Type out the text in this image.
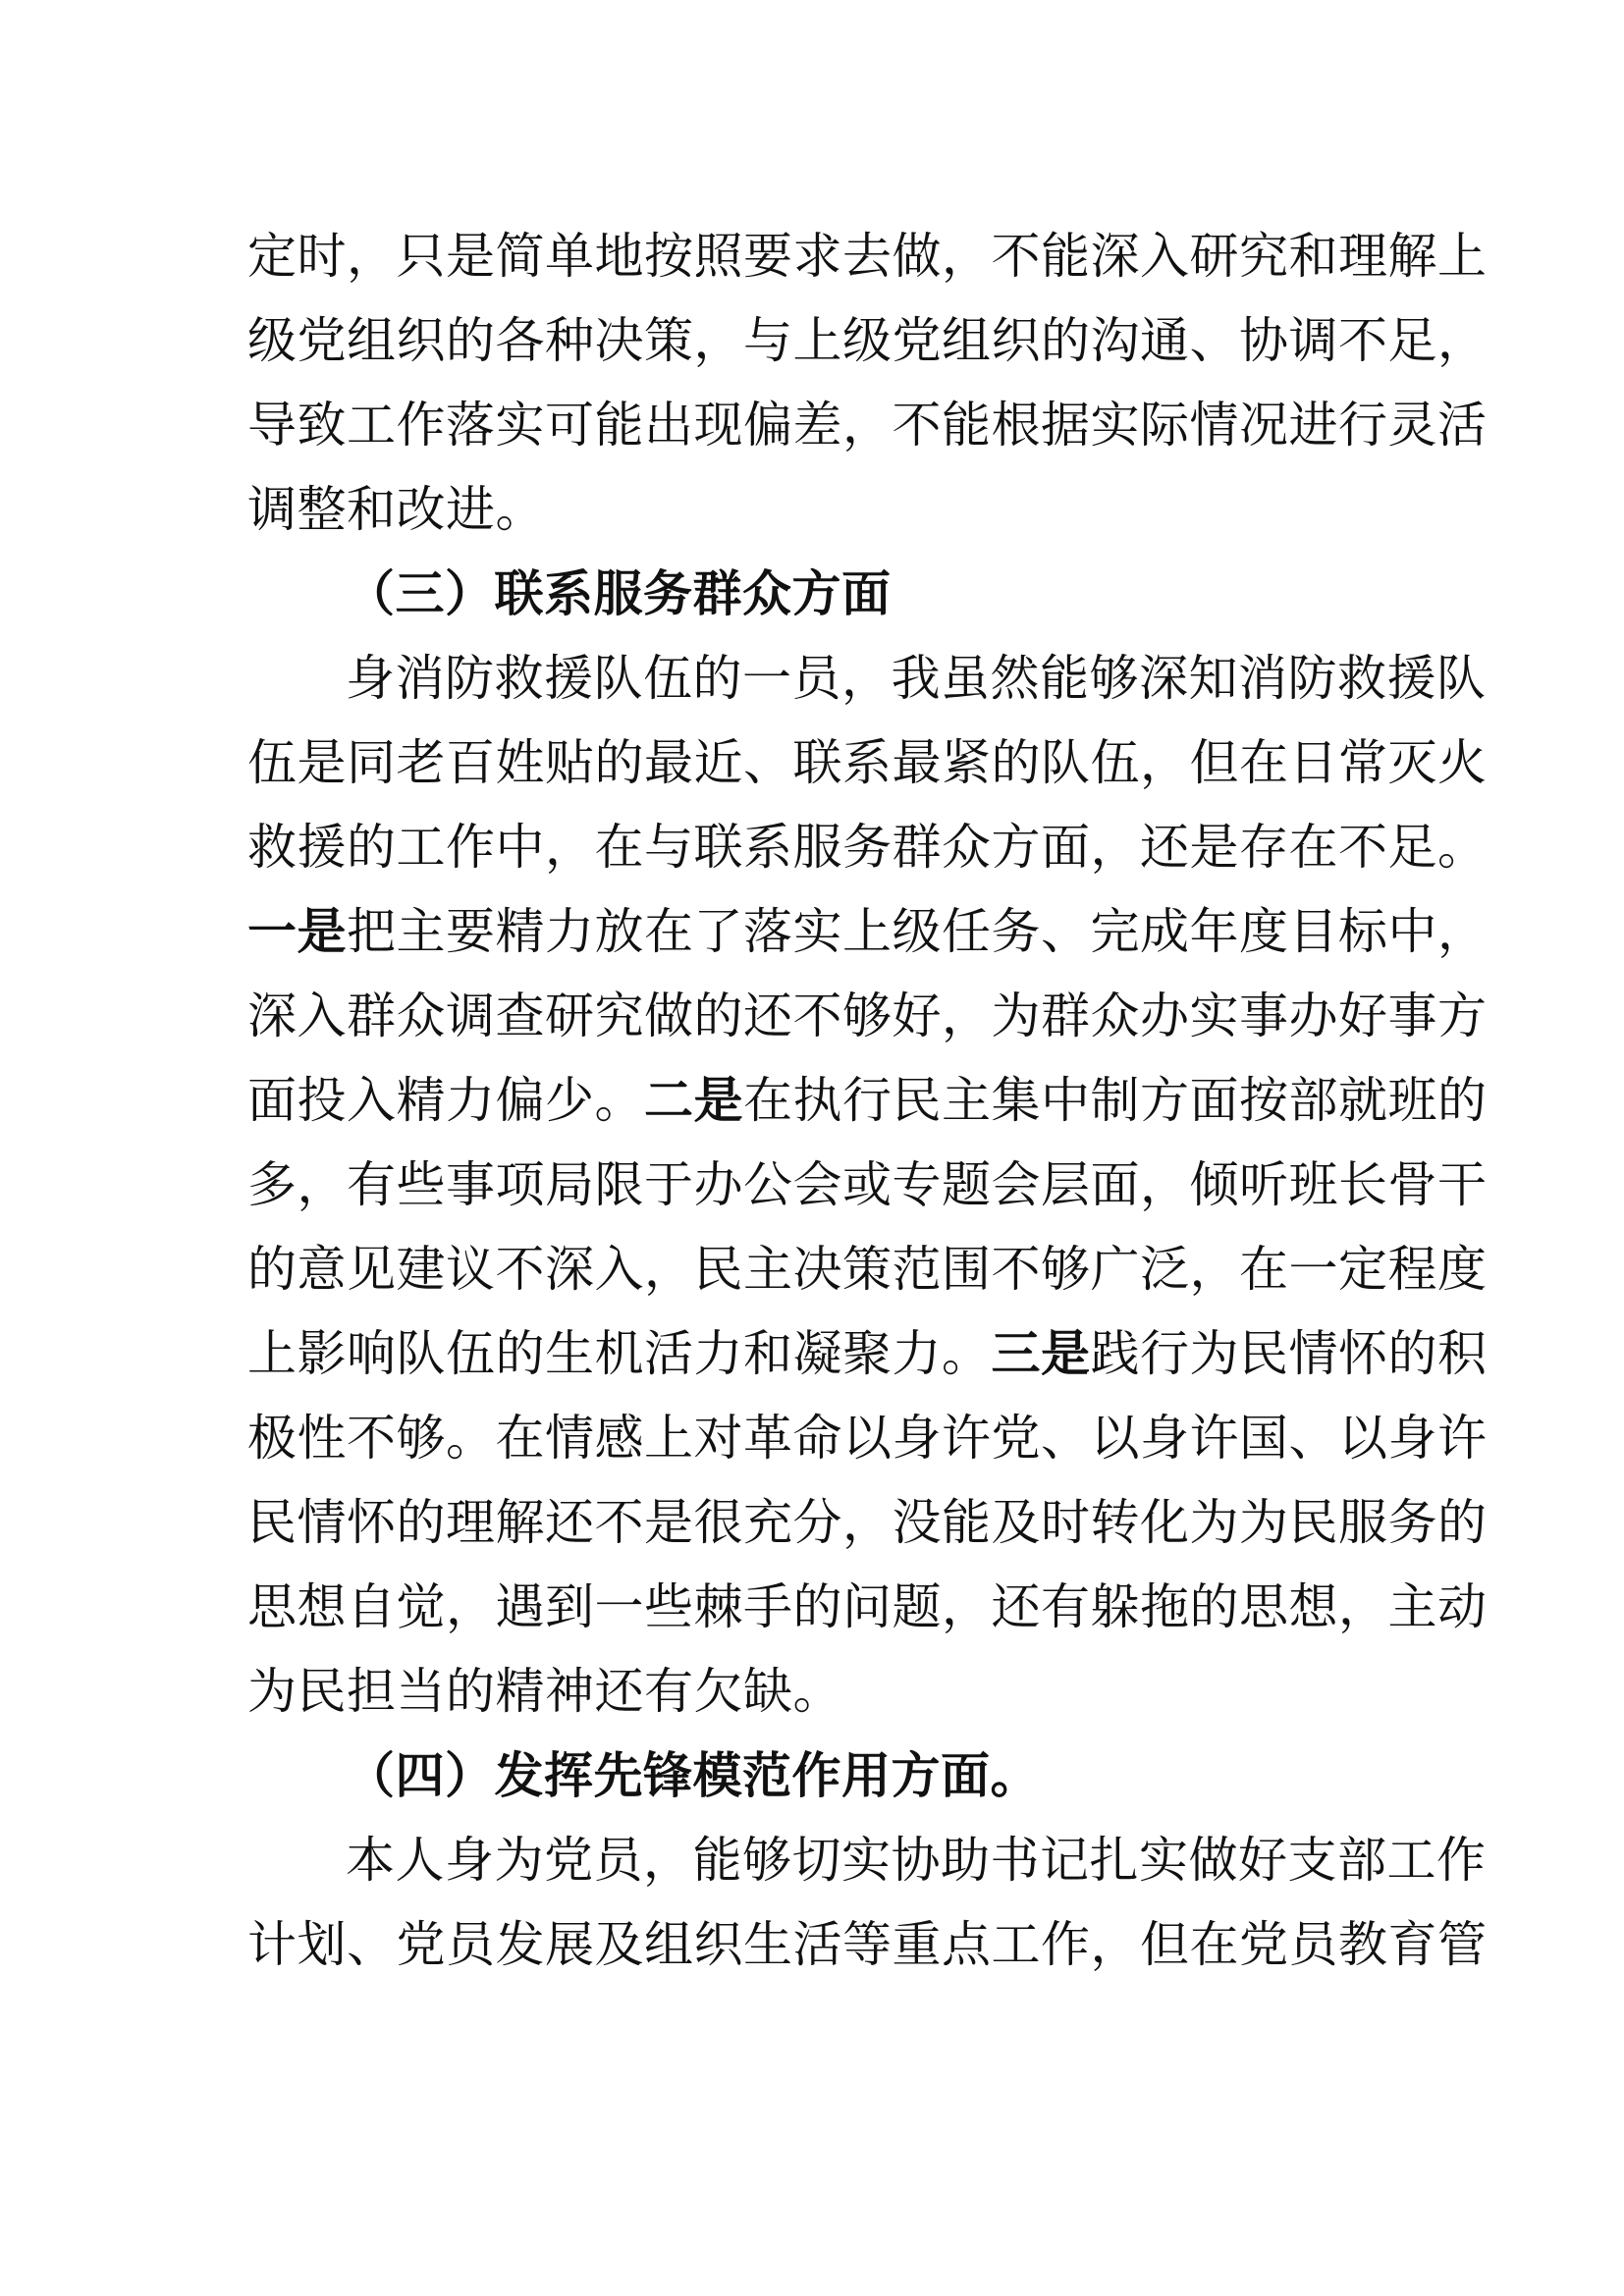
定时，只是简单地按照要求去做，不能深入研究和理解上
级党组织的各种决策，与上级党组织的沟通、协调不足，
导致工作落实可能出现偏差，不能根据实际情况进行灵活
调整和改进。
（三）联系服务群众方面
身消防救援队伍的一员，我虽然能够深知消防救援队
伍是同老百姓贴的最近、联系最紧的队伍，但在日常灭火
救援的工作中，在与联系服务群众方面，还是存在不足。
一是把主要精力放在了落实上级任务、完成年度目标中，
深入群众调查研究做的还不够好，为群众办实事办好事方
面投入精力偏少。二是在执行民主集中制方面按部就班的
多，有些事项局限于办公会或专题会层面，倾听班长骨干
的意见建议不深入，民主决策范围不够广泛，在一定程度
上影响队伍的生机活力和凝聚力。三是践行为民情怀的积
极性不够。在情感上对革命以身许党、以身许国、以身许
民情怀的理解还不是很充分，没能及时转化为为民服务的
思想自觉，遇到一些棘手的问题，还有躲拖的思想，主动
为民担当的精神还有欠缺。
（四）发挥先锋模范作用方面。
本人身为党员，能够切实协助书记扎实做好支部工作
计划、党员发展及组织生活等重点工作，但在党员教育管
